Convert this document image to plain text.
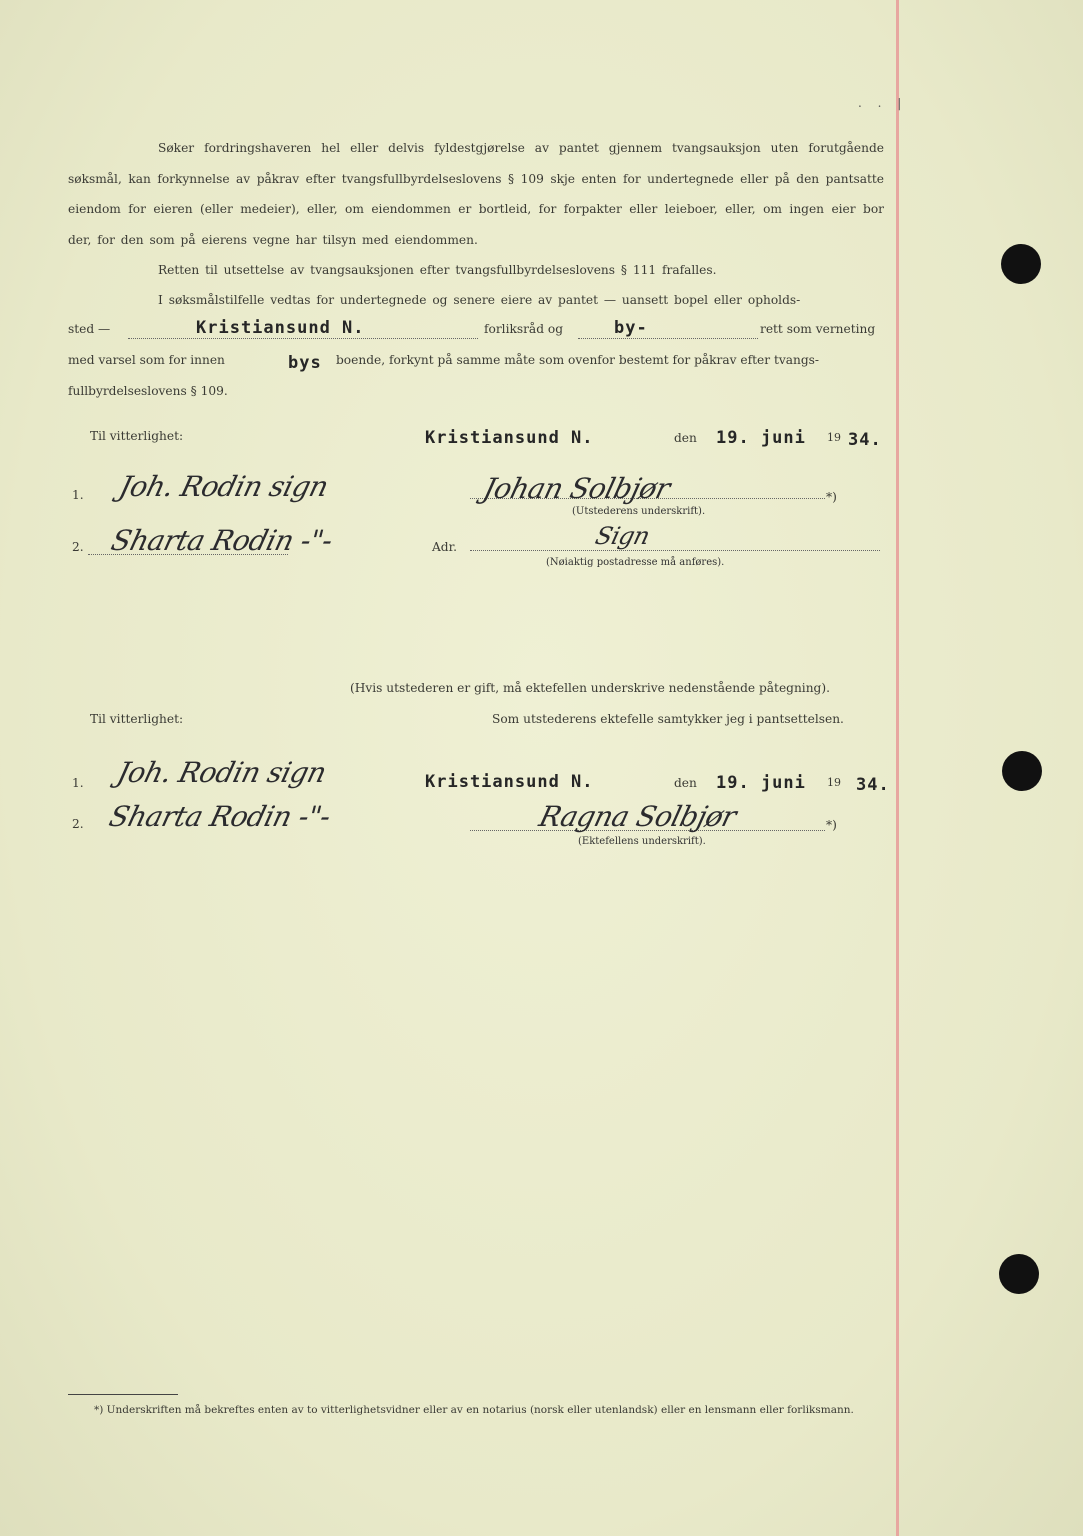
. . |
Søker fordringshaveren hel eller delvis fyldestgjørelse av pantet gjennem tvangsauksjon uten forutgående søksmål, kan forkynnelse av påkrav efter tvangsfullbyrdelseslovens § 109 skje enten for undertegnede eller på den pantsatte eiendom for eieren (eller medeier), eller, om eiendommen er bortleid, for forpakter eller leieboer, eller, om ingen eier bor der, for den som på eierens vegne har tilsyn med eiendommen.
Retten til utsettelse av tvangsauksjonen efter tvangsfullbyrdelseslovens § 111 frafalles.
I søksmålstilfelle vedtas for undertegnede og senere eiere av pantet — uansett bopel eller opholds-
sted —	Kristiansund N.	forliksråd og	by-	rett som verneting
med varsel som for innen	bys boende, forkynt på samme måte som ovenfor bestemt for påkrav efter tvangs-
fullbyrdelseslovens § 109.
Til vitterlighet:	Kristiansund N.	den 19. juni 19 34.
1. Joh. Rodin sign
2. Sharta Rodin -"-
Johan Solbjør	*)
(Utstederens underskrift).
Adr.	Sign
(Nøiaktig postadresse må anføres).
(Hvis utstederen er gift, må ektefellen underskrive nedenstående påtegning).
Til vitterlighet:	Som utstederens ektefelle samtykker jeg i pantsettelsen.
1. Joh. Rodin sign
2. Sharta Rodin -"-
Kristiansund N.	den 19. juni 19 34.
Ragna Solbjør	*)
(Ektefellens underskrift).
*) Underskriften må bekreftes enten av to vitterlighetsvidner eller av en notarius (norsk eller utenlandsk) eller en lensmann eller forliksmann.
